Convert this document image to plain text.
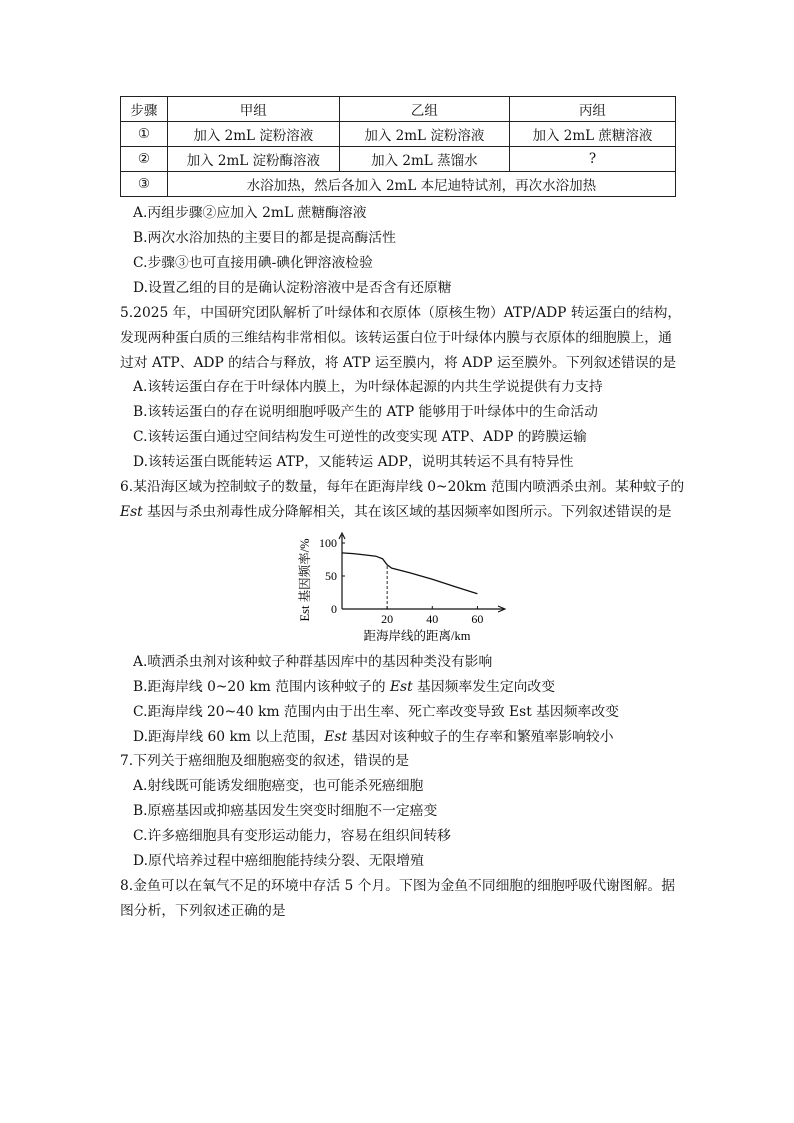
步骤	甲组	乙组	丙组
①	加入 2mL 淀粉溶液	加入 2mL 淀粉溶液	加入 2mL 蔗糖溶液
②	加入 2mL 淀粉酶溶液	加入 2mL 蒸馏水	?
③	水浴加热，然后各加入 2mL 本尼迪特试剂，再次水浴加热		
A.丙组步骤②应加入 2mL 蔗糖酶溶液
B.两次水浴加热的主要目的都是提高酶活性
C.步骤③也可直接用碘-碘化钾溶液检验
D.设置乙组的目的是确认淀粉溶液中是否含有还原糖
5.2025 年，中国研究团队解析了叶绿体和衣原体（原核生物）ATP/ADP 转运蛋白的结构，
发现两种蛋白质的三维结构非常相似。该转运蛋白位于叶绿体内膜与衣原体的细胞膜上，通
过对 ATP、ADP 的结合与释放，将 ATP 运至膜内，将 ADP 运至膜外。下列叙述错误的是
A.该转运蛋白存在于叶绿体内膜上，为叶绿体起源的内共生学说提供有力支持
B.该转运蛋白的存在说明细胞呼吸产生的 ATP 能够用于叶绿体中的生命活动
C.该转运蛋白通过空间结构发生可逆性的改变实现 ATP、ADP 的跨膜运输
D.该转运蛋白既能转运 ATP，又能转运 ADP，说明其转运不具有特异性
6.某沿海区域为控制蚊子的数量，每年在距海岸线 0~20km 范围内喷洒杀虫剂。某种蚊子的
Est 基因与杀虫剂毒性成分降解相关，其在该区域的基因频率如图所示。下列叙述错误的是
0
50
100
20	40	60
距海岸线的距离/km
Est 基因频率/%
A.喷洒杀虫剂对该种蚊子种群基因库中的基因种类没有影响
B.距海岸线 0~20 km 范围内该种蚊子的 Est 基因频率发生定向改变
C.距海岸线 20~40 km 范围内由于出生率、死亡率改变导致 Est 基因频率改变
D.距海岸线 60 km 以上范围，Est 基因对该种蚊子的生存率和繁殖率影响较小
7.下列关于癌细胞及细胞癌变的叙述，错误的是
A.射线既可能诱发细胞癌变，也可能杀死癌细胞
B.原癌基因或抑癌基因发生突变时细胞不一定癌变
C.许多癌细胞具有变形运动能力，容易在组织间转移
D.原代培养过程中癌细胞能持续分裂、无限增殖
8.金鱼可以在氧气不足的环境中存活 5 个月。下图为金鱼不同细胞的细胞呼吸代谢图解。据
图分析，下列叙述正确的是
